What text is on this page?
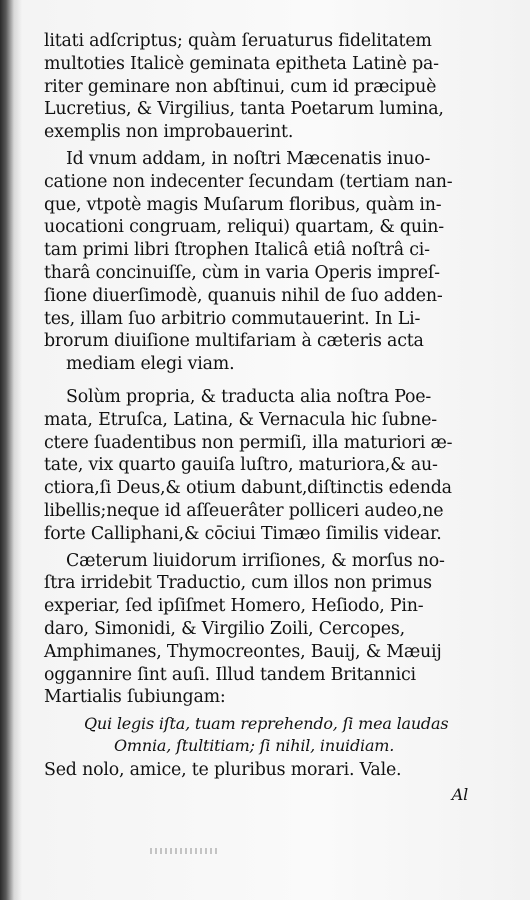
litati adſcriptus; quàm ſeruaturus fidelitatem
multoties Italicè geminata epitheta Latinè pa-
riter geminare non abſtinui, cum id præcipuè
Lucretius, & Virgilius, tanta Poetarum lumina,
exemplis non improbauerint.

Id vnum addam, in noſtri Mæcenatis inuo-
catione non indecenter ſecundam (tertiam nan-
que, vtpotè magis Muſarum floribus, quàm in-
uocationi congruam, reliqui) quartam, & quin-
tam primi libri ſtrophen Italicâ etiâ noſtrâ ci-
tharâ concinuiſſe, cùm in varia Operis impreſ-
ſione diuerſimodè, quanuis nihil de ſuo adden-
tes, illam ſuo arbitrio commutauerint. In Li-
brorum diuiſione multifariam à cæteris acta
mediam elegi viam.

Solùm propria, & traducta alia noſtra Poe-
mata, Etruſca, Latina, & Vernacula hic ſubne-
ctere ſuadentibus non permiſi, illa maturiori æ-
tate, vix quarto gauiſa luſtro, maturiora,& au-
ctiora,ſi Deus,& otium dabunt,diſtinctis edenda
libellis;neque id aſſeuerâter polliceri audeo,ne
forte Calliphani,& cōciui Timæo ſimilis videar.

Cæterum liuidorum irriſiones, & morſus no-
ſtra irridebit Traductio, cum illos non primus
experiar, ſed ipſiſmet Homero, Heſiodo, Pin-
daro, Simonidi, & Virgilio Zoili, Cercopes,
Amphimanes, Thymocreontes, Bauij, & Mæuij
oggannire ſint auſi. Illud tandem Britannici
Martialis ſubiungam:

Qui legis iſta, tuam reprehendo, ſi mea laudas
Omnia, ſtultitiam; ſi nihil, inuidiam.
Sed nolo, amice, te pluribus morari. Vale.
Al
